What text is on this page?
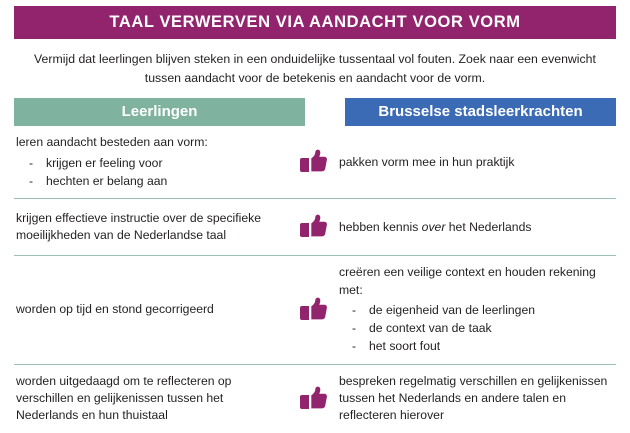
TAAL VERWERVEN VIA AANDACHT VOOR VORM
Vermijd dat leerlingen blijven steken in een onduidelijke tussentaal vol fouten. Zoek naar een evenwicht tussen aandacht voor de betekenis en aandacht voor de vorm.
Leerlingen	Brusselse stadsleerkrachten

leren aandacht besteden aan vorm:

- krijgen er feeling voor
- hechten er belang aan

pakken vorm mee in hun praktijk

krijgen effectieve instructie over de specifieke moeilijkheden van de Nederlandse taal

hebben kennis over het Nederlands

worden op tijd en stond gecorrigeerd

creëren een veilige context en houden rekening met:

- de eigenheid van de leerlingen
- de context van de taak
- het soort fout

worden uitgedaagd om te reflecteren op verschillen en gelijkenissen tussen het Nederlands en hun thuistaal

bespreken regelmatig verschillen en gelijkenissen tussen het Nederlands en andere talen en reflecteren hierover
